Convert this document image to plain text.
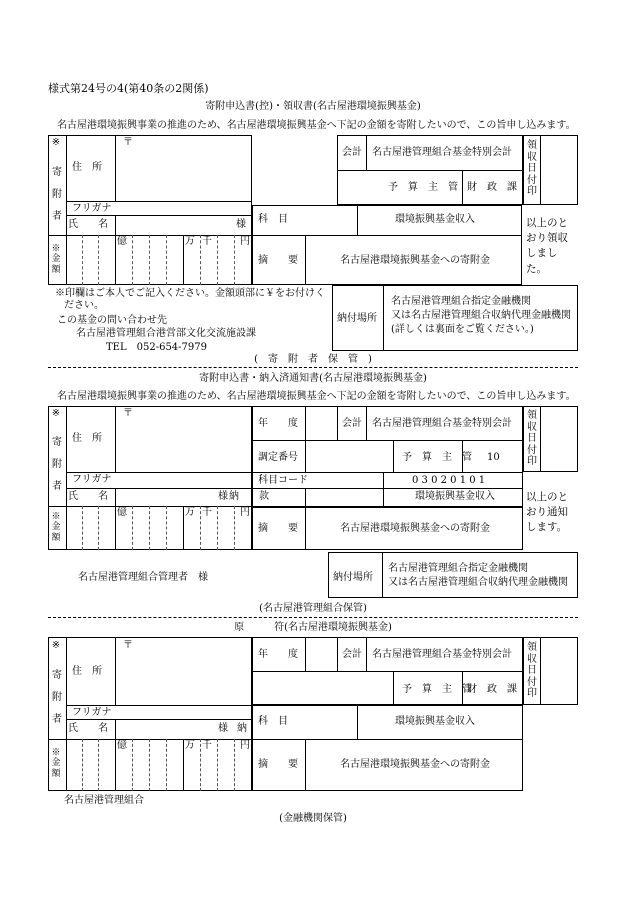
様式第24号の4(第40条の2関係)
寄附申込書(控)・領収書(名古屋港環境振興基金)
名古屋港環境振興事業の推進のため、名古屋港環境振興基金へ下記の金額を寄附したいので、この旨申し込みます。
※
寄附者
〒
住　所
フリガナ
氏　　名	様
※金額
億	万 千	円
会計 名古屋港管理組合基金特別会計
予　算　主　管 財　政　課
領収日付印
科　目	環境振興基金収入
摘　　要	名古屋港環境振興基金への寄附金
以上のとおり領収しました。
※印欄はご本人でご記入ください。金額頭部に￥をお付けく
ださい。
この基金の問い合わせ先
名古屋港管理組合港営部文化交流施設課
TEL　052-654-7979
納付場所
名古屋港管理組合指定金融機関
又は名古屋港管理組合収納代理金融機関
(詳しくは裏面をご覧ください。)
(　寄　附　者　保　管　)
寄附申込書・納入済通知書(名古屋港環境振興基金)
名古屋港環境振興事業の推進のため、名古屋港環境振興基金へ下記の金額を寄附したいので、この旨申し込みます。
※
寄附者
〒
住　所
フリガナ
氏　　名	様
※金額
億	万 千	円
年　　度	会計 名古屋港管理組合基金特別会計
調定番号	予　算　主　管 10
科目コード	0 3 0 2 0 1 0 1
納　　款	環境振興基金収入
領収日付印
摘　　要	名古屋港環境振興基金への寄附金
以上のとおり通知します。
名古屋港管理組合管理者　様	納付場所
名古屋港管理組合指定金融機関
又は名古屋港管理組合収納代理金融機関
(名古屋港管理組合保管)
原　　　符(名古屋港環境振興基金)
※
寄附者
〒
住　所
フリガナ
氏　　名	様 納
※金額
億	万 千	円
年　　度	会計 名古屋港管理組合基金特別会計
予　算　主　管
財　政　課
領収日付印
科　目	環境振興基金収入
摘　　要	名古屋港環境振興基金への寄附金
名古屋港管理組合
(金融機関保管)
